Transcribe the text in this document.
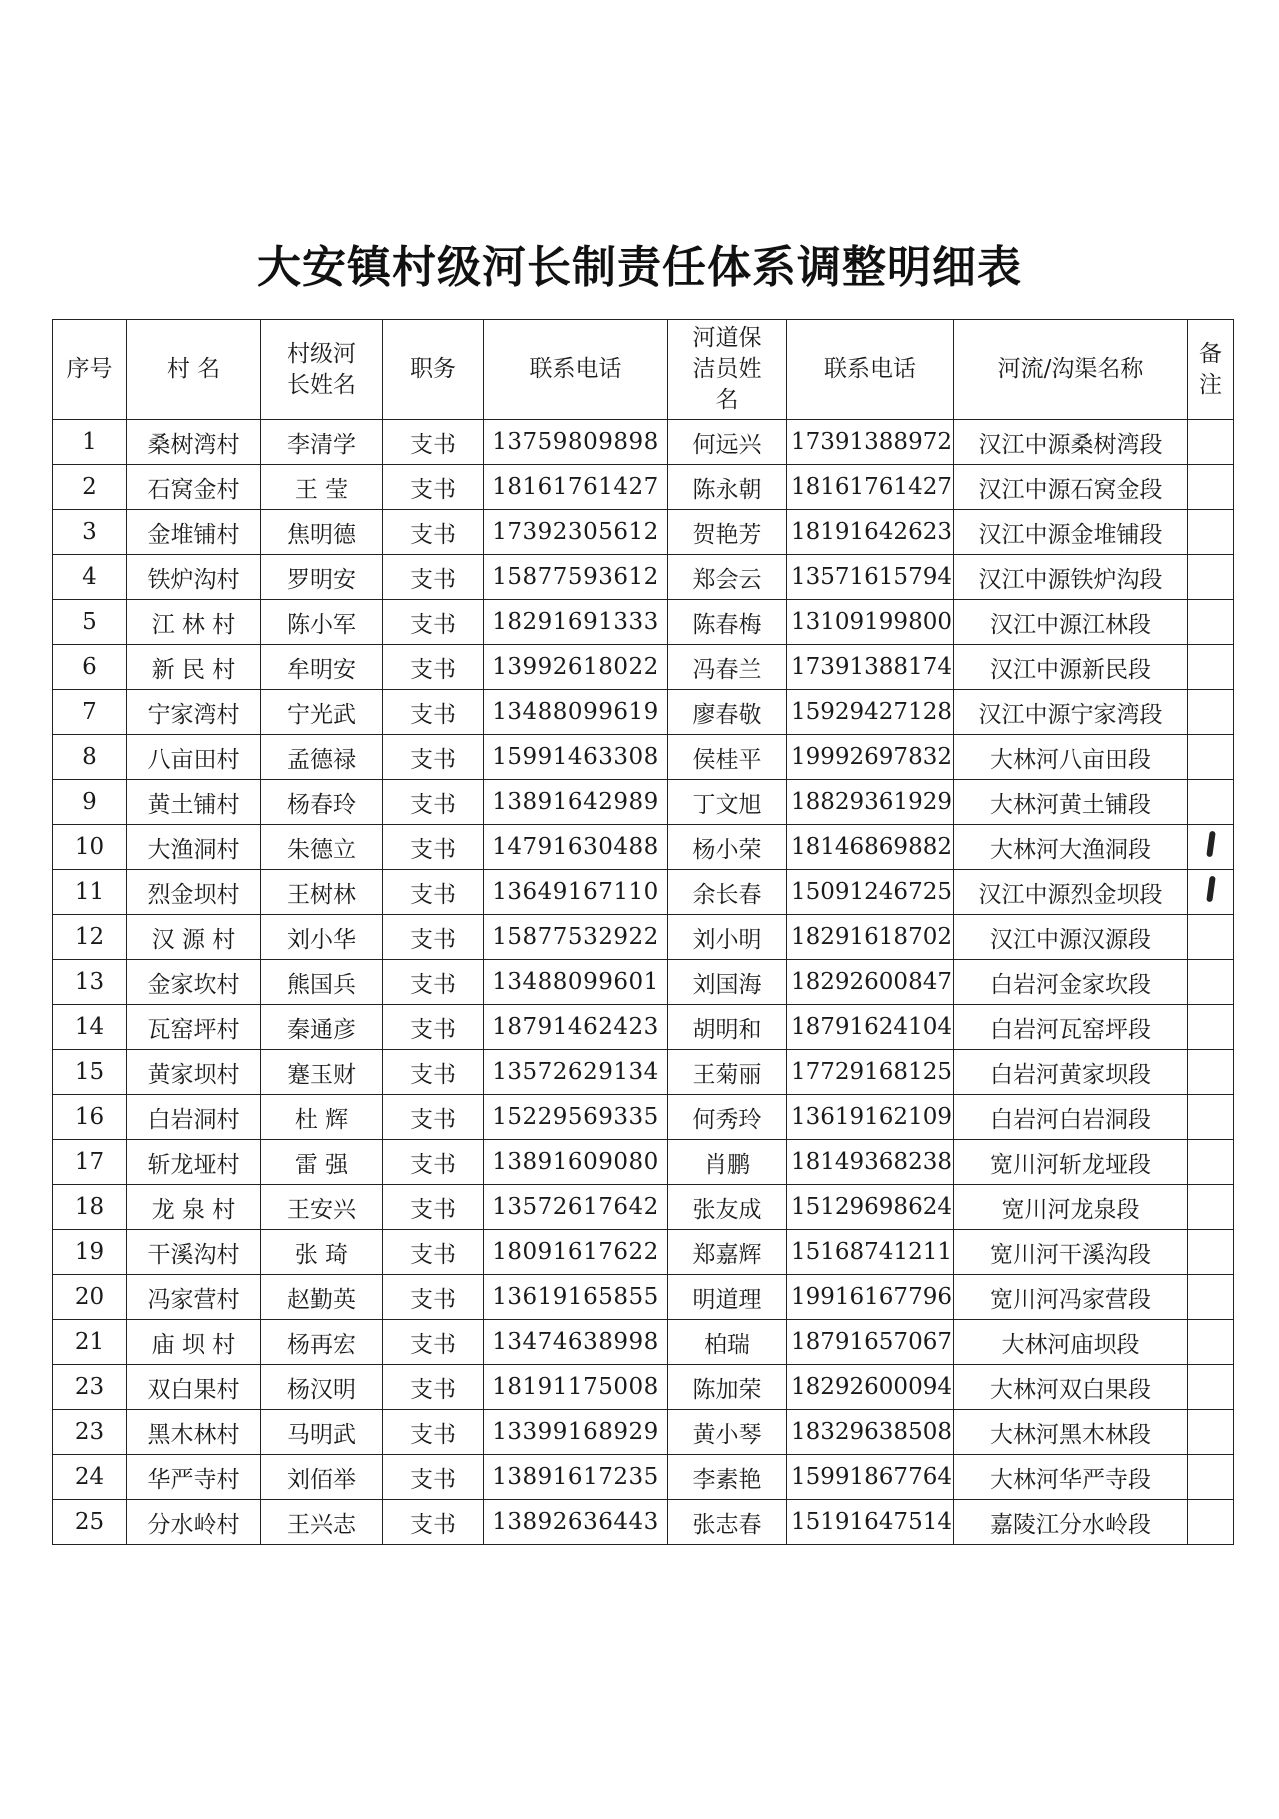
大安镇村级河长制责任体系调整明细表
序号	村 名	村级河长姓名	职务	联系电话	河道保洁员姓名	联系电话	河流/沟渠名称	备注
1	桑树湾村	李清学	支书	13759809898	何远兴	17391388972	汉江中源桑树湾段	
2	石窝金村	王 莹	支书	18161761427	陈永朝	18161761427	汉江中源石窝金段	
3	金堆铺村	焦明德	支书	17392305612	贺艳芳	18191642623	汉江中源金堆铺段	
4	铁炉沟村	罗明安	支书	15877593612	郑会云	13571615794	汉江中源铁炉沟段	
5	江 林 村	陈小军	支书	18291691333	陈春梅	13109199800	汉江中源江林段	
6	新 民 村	牟明安	支书	13992618022	冯春兰	17391388174	汉江中源新民段	
7	宁家湾村	宁光武	支书	13488099619	廖春敬	15929427128	汉江中源宁家湾段	
8	八亩田村	孟德禄	支书	15991463308	侯桂平	19992697832	大林河八亩田段	
9	黄土铺村	杨春玲	支书	13891642989	丁文旭	18829361929	大林河黄土铺段	
10	大渔洞村	朱德立	支书	14791630488	杨小荣	18146869882	大林河大渔洞段	
11	烈金坝村	王树林	支书	13649167110	余长春	15091246725	汉江中源烈金坝段	
12	汉 源 村	刘小华	支书	15877532922	刘小明	18291618702	汉江中源汉源段	
13	金家坎村	熊国兵	支书	13488099601	刘国海	18292600847	白岩河金家坎段	
14	瓦窑坪村	秦通彦	支书	18791462423	胡明和	18791624104	白岩河瓦窑坪段	
15	黄家坝村	蹇玉财	支书	13572629134	王菊丽	17729168125	白岩河黄家坝段	
16	白岩洞村	杜 辉	支书	15229569335	何秀玲	13619162109	白岩河白岩洞段	
17	斩龙垭村	雷 强	支书	13891609080	肖鹏	18149368238	宽川河斩龙垭段	
18	龙 泉 村	王安兴	支书	13572617642	张友成	15129698624	宽川河龙泉段	
19	干溪沟村	张 琦	支书	18091617622	郑嘉辉	15168741211	宽川河干溪沟段	
20	冯家营村	赵勤英	支书	13619165855	明道理	19916167796	宽川河冯家营段	
21	庙 坝 村	杨再宏	支书	13474638998	柏瑞	18791657067	大林河庙坝段	
23	双白果村	杨汉明	支书	18191175008	陈加荣	18292600094	大林河双白果段	
23	黑木林村	马明武	支书	13399168929	黄小琴	18329638508	大林河黑木林段	
24	华严寺村	刘佰举	支书	13891617235	李素艳	15991867764	大林河华严寺段	
25	分水岭村	王兴志	支书	13892636443	张志春	15191647514	嘉陵江分水岭段	
